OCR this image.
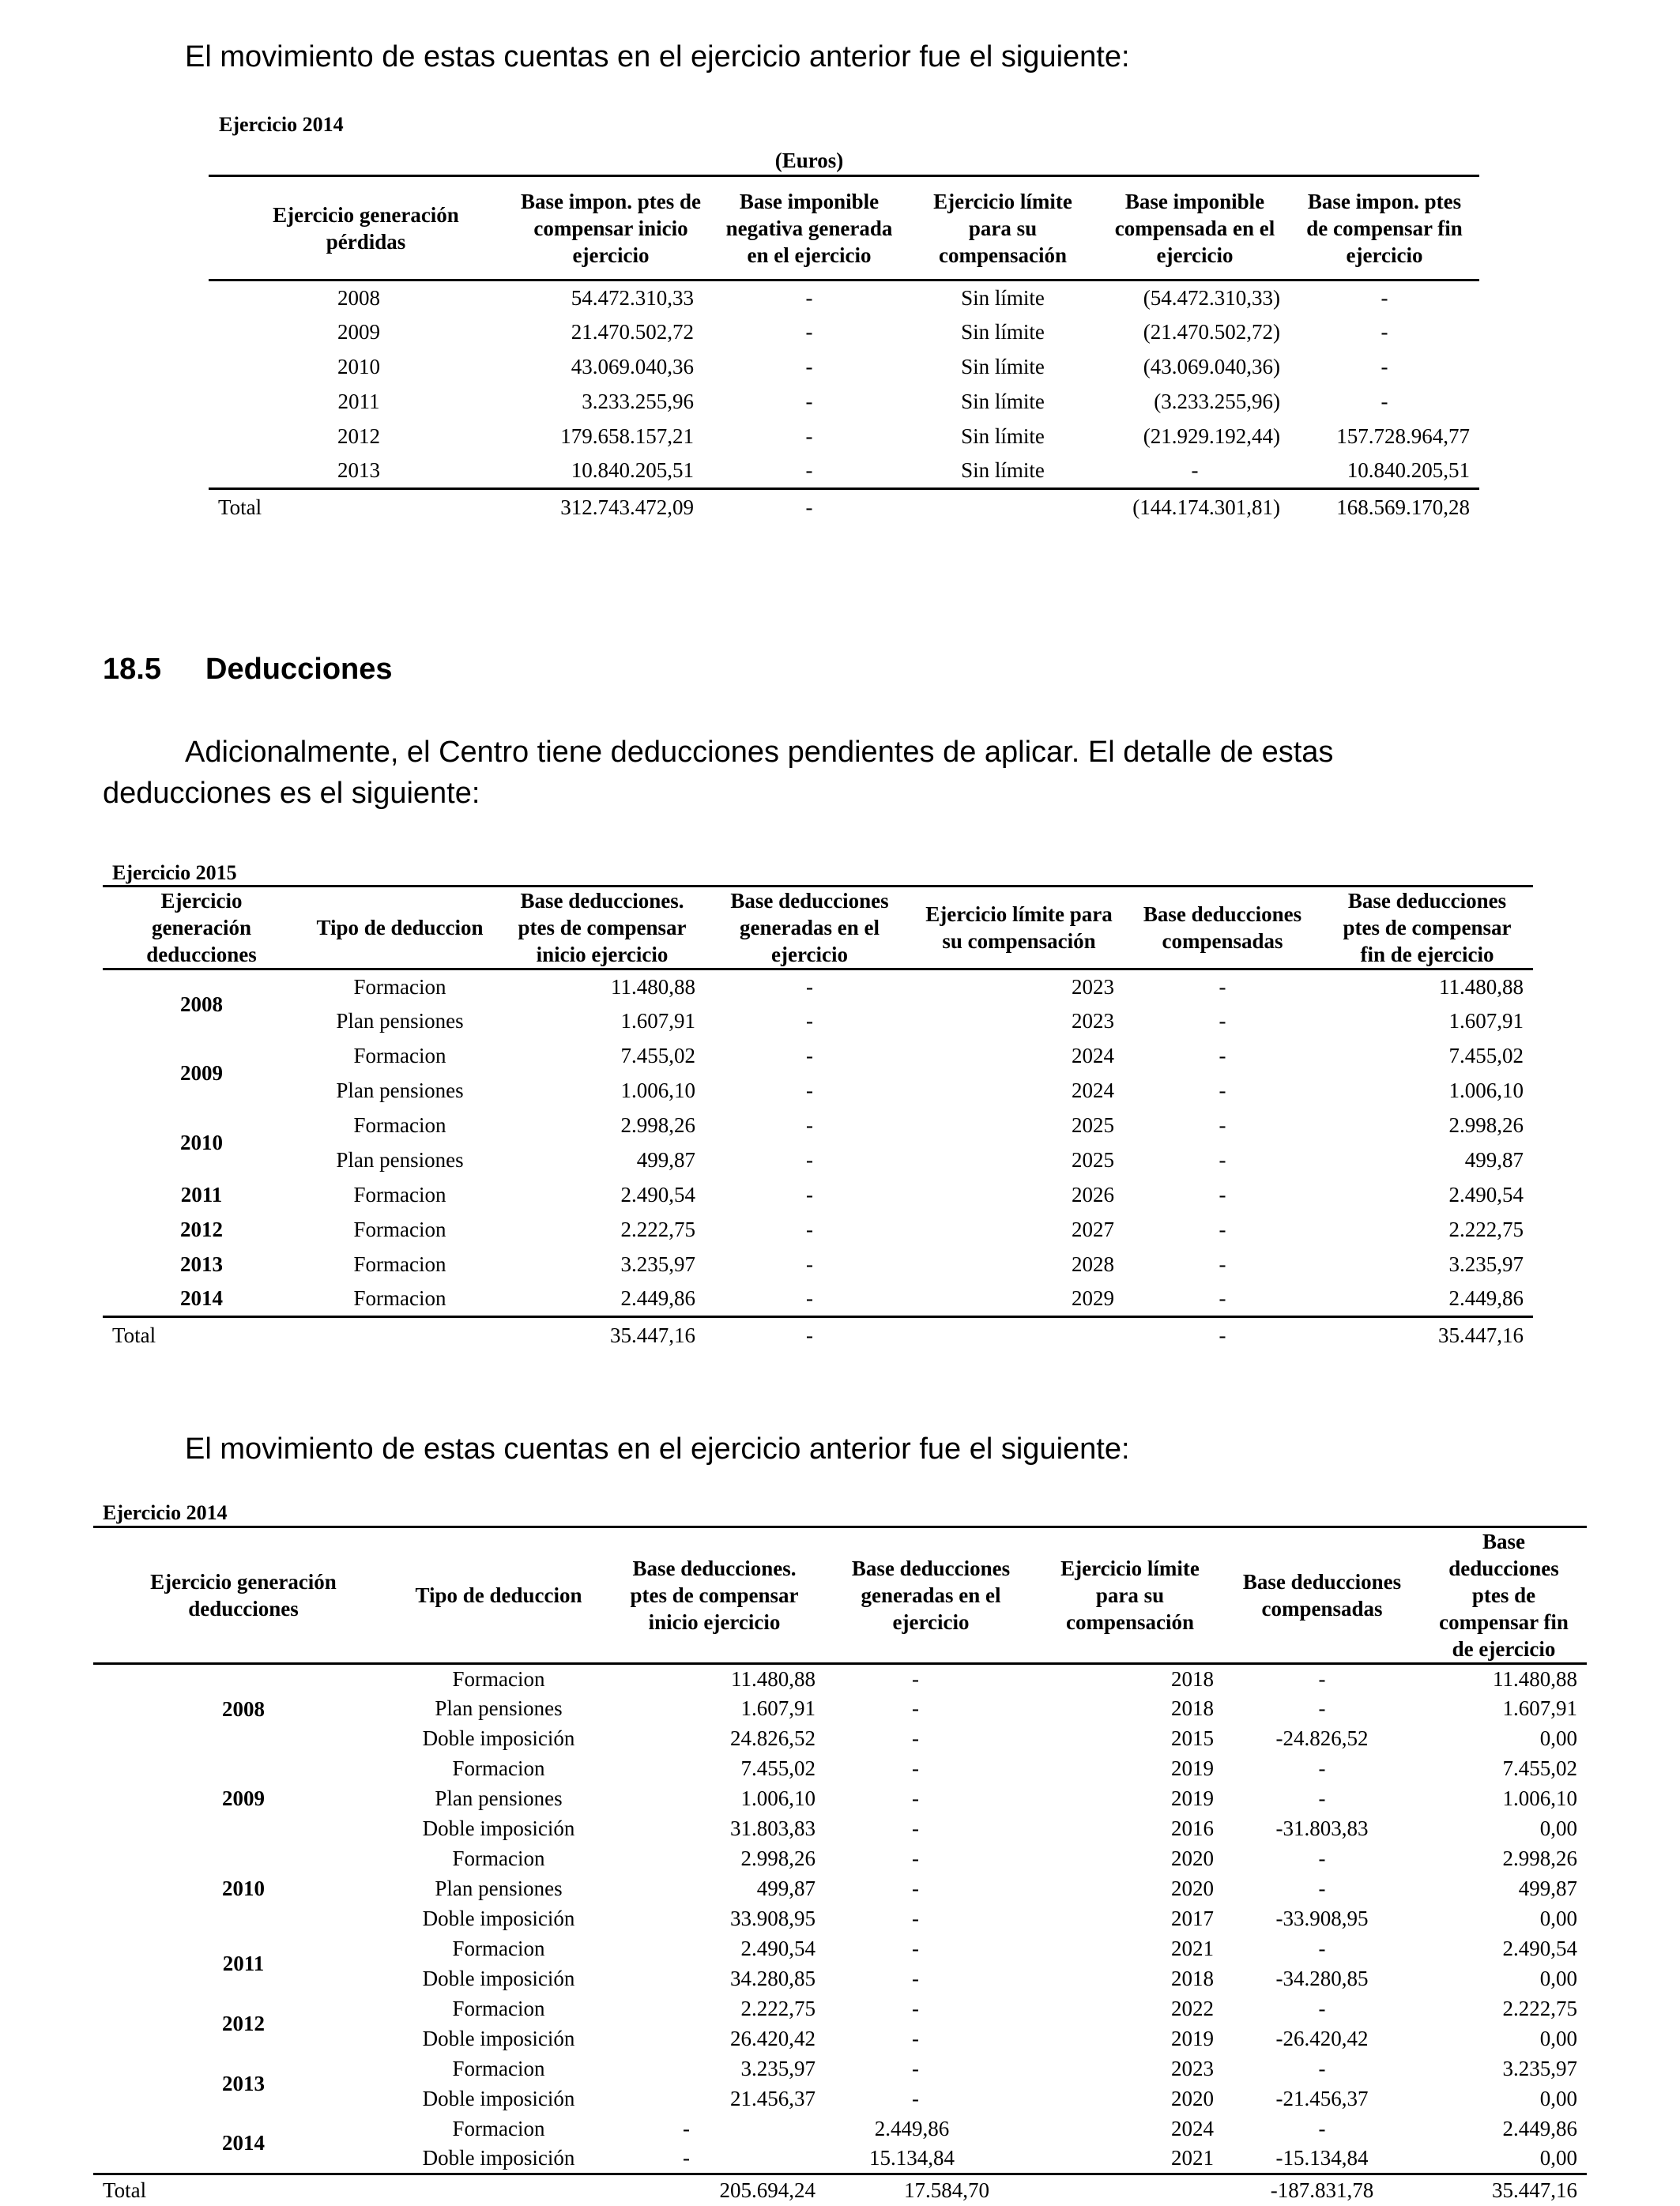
El movimiento de estas cuentas en el ejercicio anterior fue el siguiente:
Ejercicio 2014
		(Euros)			
Ejercicio generación pérdidas	Base impon. ptes de compensar inicio ejercicio	Base imponible negativa generada en el ejercicio	Ejercicio límite para su compensación	Base imponible compensada en el ejercicio	Base impon. ptes de compensar fin ejercicio
2008	54.472.310,33	-	Sin límite	(54.472.310,33)	-
2009	21.470.502,72	-	Sin límite	(21.470.502,72)	-
2010	43.069.040,36	-	Sin límite	(43.069.040,36)	-
2011	3.233.255,96	-	Sin límite	(3.233.255,96)	-
2012	179.658.157,21	-	Sin límite	(21.929.192,44)	157.728.964,77
2013	10.840.205,51	-	Sin límite	-	10.840.205,51
Total	312.743.472,09	-		(144.174.301,81)	168.569.170,28
18.5 Deducciones
Adicionalmente, el Centro tiene deducciones pendientes de aplicar. El detalle de estas
deducciones es el siguiente:
Ejercicio 2015
Ejercicio generación deducciones	Tipo de deduccion	Base deducciones. ptes de compensar inicio ejercicio	Base deducciones generadas en el ejercicio	Ejercicio límite para su compensación	Base deducciones compensadas	Base deducciones ptes de compensar fin de ejercicio
2008	Formacion	11.480,88	-	2023	-	11.480,88
	Plan pensiones	1.607,91	-	2023	-	1.607,91
2009	Formacion	7.455,02	-	2024	-	7.455,02
	Plan pensiones	1.006,10	-	2024	-	1.006,10
2010	Formacion	2.998,26	-	2025	-	2.998,26
	Plan pensiones	499,87	-	2025	-	499,87
2011	Formacion	2.490,54	-	2026	-	2.490,54
2012	Formacion	2.222,75	-	2027	-	2.222,75
2013	Formacion	3.235,97	-	2028	-	3.235,97
2014	Formacion	2.449,86	-	2029	-	2.449,86
Total		35.447,16	-		-	35.447,16
El movimiento de estas cuentas en el ejercicio anterior fue el siguiente:
Ejercicio 2014
Ejercicio generación deducciones	Tipo de deduccion	Base deducciones. ptes de compensar inicio ejercicio	Base deducciones generadas en el ejercicio	Ejercicio límite para su compensación	Base deducciones compensadas	Base deducciones ptes de compensar fin de ejercicio
2008	Formacion	11.480,88	-	2018	-	11.480,88
	Plan pensiones	1.607,91	-	2018	-	1.607,91
	Doble imposición	24.826,52	-	2015	-24.826,52	0,00
2009	Formacion	7.455,02	-	2019	-	7.455,02
	Plan pensiones	1.006,10	-	2019	-	1.006,10
	Doble imposición	31.803,83	-	2016	-31.803,83	0,00
2010	Formacion	2.998,26	-	2020	-	2.998,26
	Plan pensiones	499,87	-	2020	-	499,87
	Doble imposición	33.908,95	-	2017	-33.908,95	0,00
2011	Formacion	2.490,54	-	2021	-	2.490,54
	Doble imposición	34.280,85	-	2018	-34.280,85	0,00
2012	Formacion	2.222,75	-	2022	-	2.222,75
	Doble imposición	26.420,42	-	2019	-26.420,42	0,00
2013	Formacion	3.235,97	-	2023	-	3.235,97
	Doble imposición	21.456,37	-	2020	-21.456,37	0,00
2014	Formacion	-	2.449,86	2024	-	2.449,86
	Doble imposición	-	15.134,84	2021	-15.134,84	0,00
Total		205.694,24	17.584,70		-187.831,78	35.447,16
